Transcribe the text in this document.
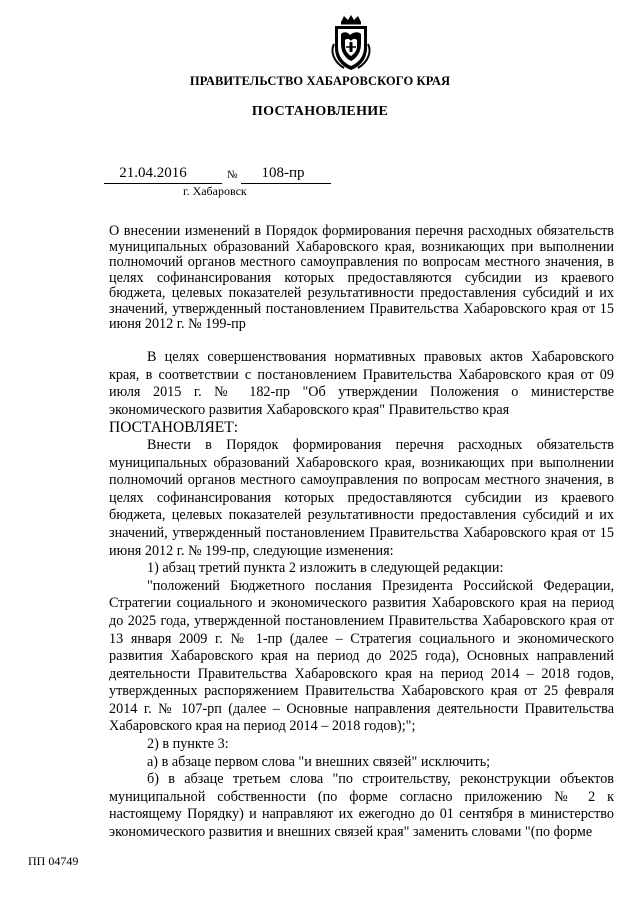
ПРАВИТЕЛЬСТВО ХАБАРОВСКОГО КРАЯ
ПОСТАНОВЛЕНИЕ
21.04.2016	№	108-пр
г. Хабаровск
О внесении изменений в Порядок формирования перечня расходных обязательств муниципальных образований Хабаровского края, возникающих при выполнении полномочий органов местного самоуправления по вопросам местного значения, в целях софинансирования которых предоставляются субсидии из краевого бюджета, целевых показателей результативности предоставления субсидий и их значений, утвержденный постановлением Правительства Хабаровского края от 15 июня 2012 г. № 199-пр

В целях совершенствования нормативных правовых актов Хабаровского края, в соответствии с постановлением Правительства Хабаровского края от 09 июля 2015 г. № 182-пр "Об утверждении Положения о министерстве экономического развития Хабаровского края" Правительство края

ПОСТАНОВЛЯЕТ:

Внести в Порядок формирования перечня расходных обязательств муниципальных образований Хабаровского края, возникающих при выполнении полномочий органов местного самоуправления по вопросам местного значения, в целях софинансирования которых предоставляются субсидии из краевого бюджета, целевых показателей результативности предоставления субсидий и их значений, утвержденный постановлением Правительства Хабаровского края от 15 июня 2012 г. № 199-пр, следующие изменения:

1) абзац третий пункта 2 изложить в следующей редакции:

"положений Бюджетного послания Президента Российской Федерации, Стратегии социального и экономического развития Хабаровского края на период до 2025 года, утвержденной постановлением Правительства Хабаровского края от 13 января 2009 г. № 1-пр (далее – Стратегия социального и экономического развития Хабаровского края на период до 2025 года), Основных направлений деятельности Правительства Хабаровского края на период 2014 – 2018 годов, утвержденных распоряжением Правительства Хабаровского края от 25 февраля 2014 г. № 107-рп (далее – Основные направления деятельности Правительства Хабаровского края на период 2014 – 2018 годов);";

2) в пункте 3:

а) в абзаце первом слова "и внешних связей" исключить;

б) в абзаце третьем слова "по строительству, реконструкции объектов муниципальной собственности (по форме согласно приложению № 2 к настоящему Порядку) и направляют их ежегодно до 01 сентября в министерство экономического развития и внешних связей края" заменить словами "(по форме

ПП 04749
